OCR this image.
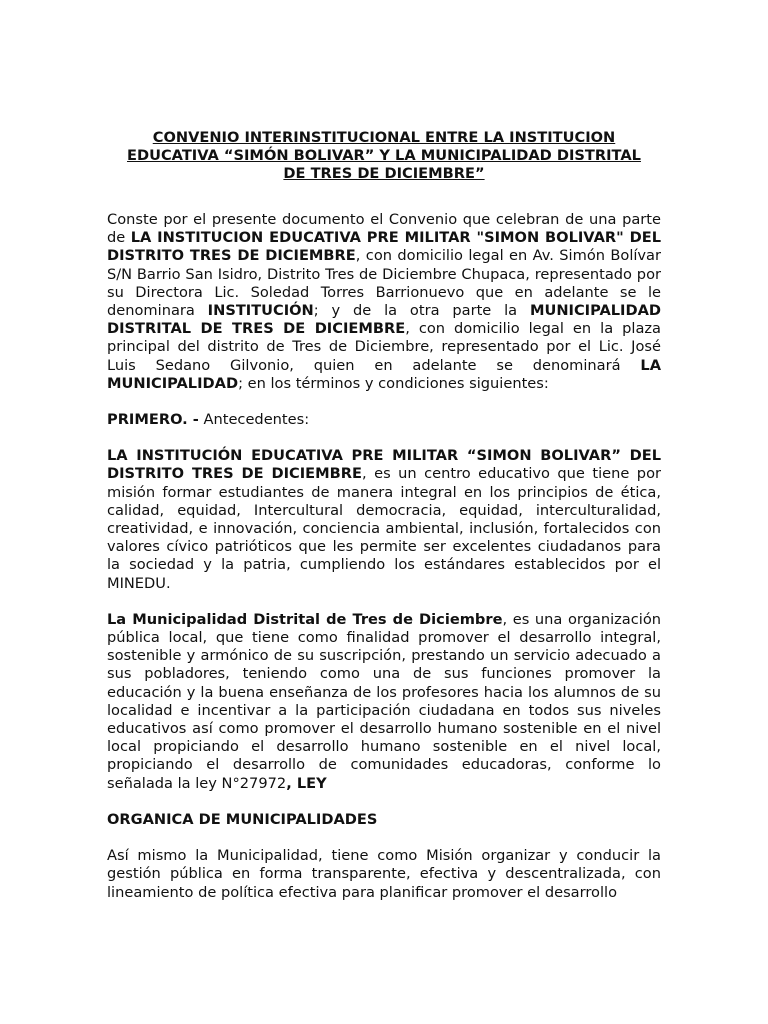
CONVENIO INTERINSTITUCIONAL ENTRE LA INSTITUCION
EDUCATIVA “SIMÓN BOLIVAR” Y LA MUNICIPALIDAD DISTRITAL
DE TRES DE DICIEMBRE”

Conste por el presente documento el Convenio que celebran de una parte de LA INSTITUCION EDUCATIVA PRE MILITAR "SIMON BOLIVAR" DEL DISTRITO TRES DE DICIEMBRE, con domicilio legal en Av. Simón Bolívar S/N Barrio San Isidro, Distrito Tres de Diciembre Chupaca, representado por su Directora Lic. Soledad Torres Barrionuevo que en adelante se le denominara INSTITUCIÓN; y de la otra parte la MUNICIPALIDAD DISTRITAL DE TRES DE DICIEMBRE, con domicilio legal en la plaza principal del distrito de Tres de Diciembre, representado por el Lic. José Luis Sedano Gilvonio, quien en adelante se denominará LA MUNICIPALIDAD; en los términos y condiciones siguientes:

PRIMERO. - Antecedentes:

LA INSTITUCIÓN EDUCATIVA PRE MILITAR “SIMON BOLIVAR” DEL DISTRITO TRES DE DICIEMBRE, es un centro educativo que tiene por misión formar estudiantes de manera integral en los principios de ética, calidad, equidad, Intercultural democracia, equidad, interculturalidad, creatividad, e innovación, conciencia ambiental, inclusión, fortalecidos con valores cívico patrióticos que les permite ser excelentes ciudadanos para la sociedad y la patria, cumpliendo los estándares establecidos por el MINEDU.

La Municipalidad Distrital de Tres de Diciembre, es una organización pública local, que tiene como finalidad promover el desarrollo integral, sostenible y armónico de su suscripción, prestando un servicio adecuado a sus pobladores, teniendo como una de sus funciones promover la educación y la buena enseñanza de los profesores hacia los alumnos de su localidad e incentivar a la participación ciudadana en todos sus niveles educativos así como promover el desarrollo humano sostenible en el nivel local propiciando el desarrollo humano sostenible en el nivel local, propiciando el desarrollo de comunidades educadoras, conforme lo señalada la ley N°27972, LEY

ORGANICA DE MUNICIPALIDADES

Así mismo la Municipalidad, tiene como Misión organizar y conducir la gestión pública en forma transparente, efectiva y descentralizada, con lineamiento de política efectiva para planificar promover el desarrollo
